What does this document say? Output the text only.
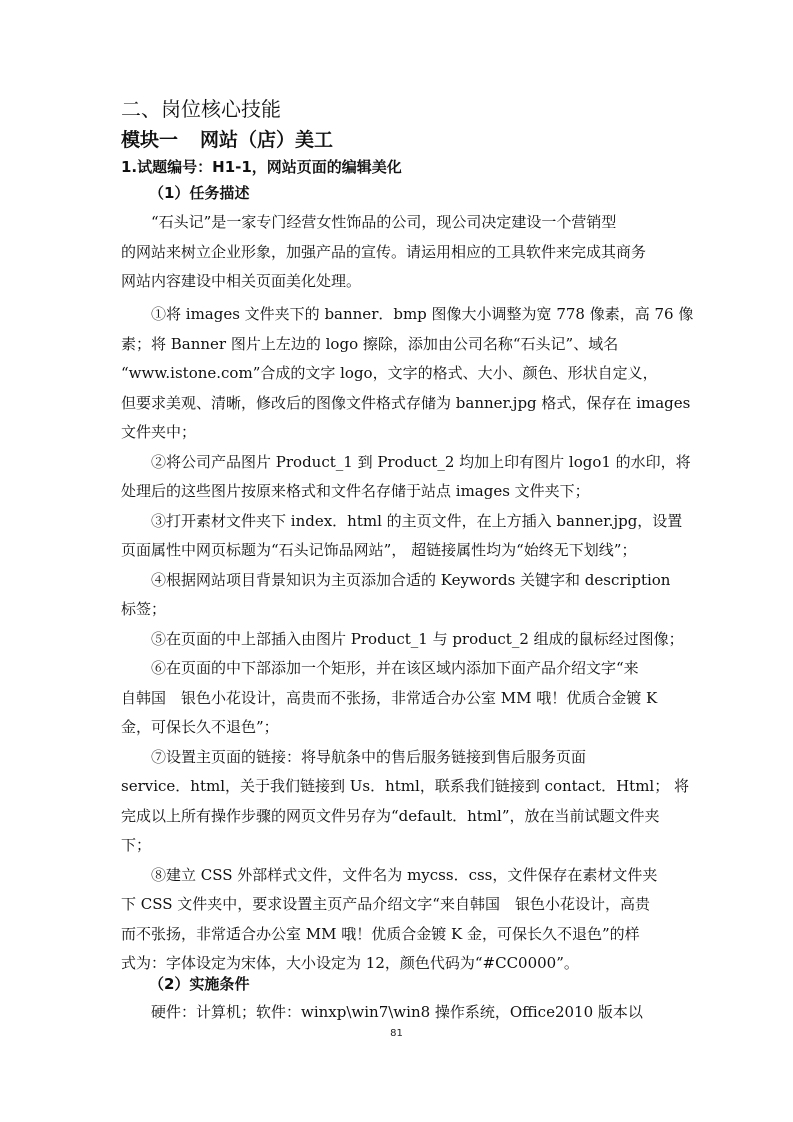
二、岗位核心技能
模块一 网站（店）美工
1.试题编号：H1-1，网站页面的编辑美化
（1）任务描述
“石头记”是一家专门经营女性饰品的公司，现公司决定建设一个营销型
的网站来树立企业形象，加强产品的宣传。请运用相应的工具软件来完成其商务
网站内容建设中相关页面美化处理。
①将 images 文件夹下的 banner．bmp 图像大小调整为宽 778 像素，高 76 像
素；将 Banner 图片上左边的 logo 擦除，添加由公司名称“石头记”、域名
“www.istone.com”合成的文字 logo，文字的格式、大小、颜色、形状自定义，
但要求美观、清晰，修改后的图像文件格式存储为 banner.jpg 格式，保存在 images
文件夹中；
②将公司产品图片 Product_1 到 Product_2 均加上印有图片 logo1 的水印，将
处理后的这些图片按原来格式和文件名存储于站点 images 文件夹下；
③打开素材文件夹下 index．html 的主页文件，在上方插入 banner.jpg，设置
页面属性中网页标题为“石头记饰品网站”， 超链接属性均为“始终无下划线”；
④根据网站项目背景知识为主页添加合适的 Keywords 关键字和 description
标签；
⑤在页面的中上部插入由图片 Product_1 与 product_2 组成的鼠标经过图像；
⑥在页面的中下部添加一个矩形，并在该区域内添加下面产品介绍文字“来
自韩国　银色小花设计，高贵而不张扬，非常适合办公室 MM 哦！优质合金镀 K
金，可保长久不退色”；
⑦设置主页面的链接：将导航条中的售后服务链接到售后服务页面
service．html，关于我们链接到 Us．html，联系我们链接到 contact．Html； 将
完成以上所有操作步骤的网页文件另存为“default．html”，放在当前试题文件夹
下；
⑧建立 CSS 外部样式文件，文件名为 mycss．css，文件保存在素材文件夹
下 CSS 文件夹中，要求设置主页产品介绍文字“来自韩国　银色小花设计，高贵
而不张扬，非常适合办公室 MM 哦！优质合金镀 K 金，可保长久不退色”的样
式为：字体设定为宋体，大小设定为 12，颜色代码为“#CC0000”。
（2）实施条件
硬件：计算机；软件：winxp\win7\win8 操作系统，Office2010 版本以
81
